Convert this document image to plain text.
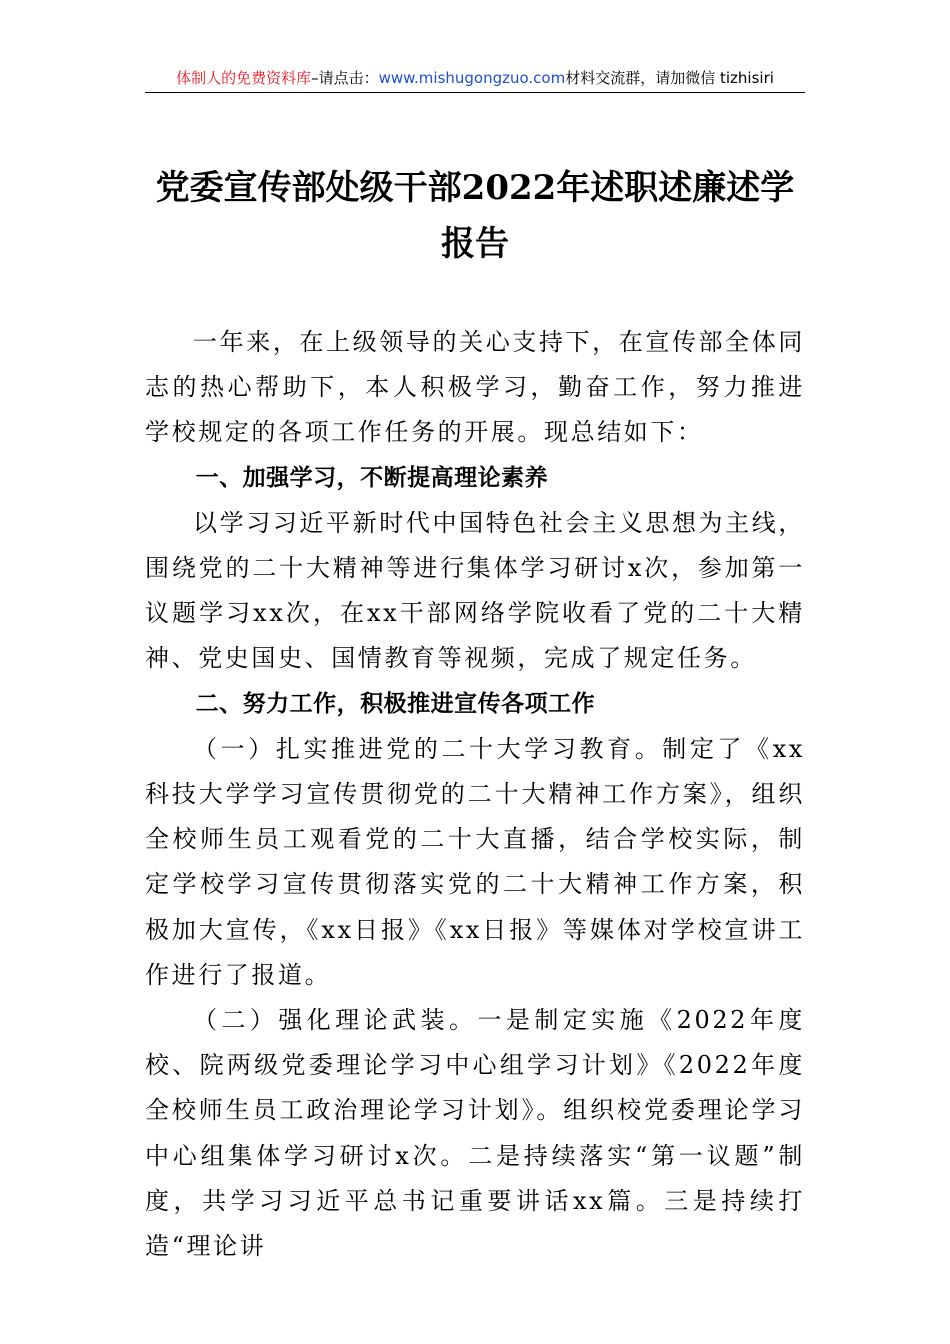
体制人的免费资料库–请点击：www.mishugongzuo.com材料交流群，请加微信 tizhisiri
党委宣传部处级干部2022年述职述廉述学报告

一年来，在上级领导的关心支持下，在宣传部全体同志的热心帮助下，本人积极学习，勤奋工作，努力推进学校规定的各项工作任务的开展。现总结如下：

一、加强学习，不断提高理论素养

以学习习近平新时代中国特色社会主义思想为主线，围绕党的二十大精神等进行集体学习研讨x次，参加第一议题学习xx次，在xx干部网络学院收看了党的二十大精神、党史国史、国情教育等视频，完成了规定任务。

二、努力工作，积极推进宣传各项工作

（一）扎实推进党的二十大学习教育。制定了《xx科技大学学习宣传贯彻党的二十大精神工作方案》，组织全校师生员工观看党的二十大直播，结合学校实际，制定学校学习宣传贯彻落实党的二十大精神工作方案，积极加大宣传，《xx日报》《xx日报》等媒体对学校宣讲工作进行了报道。

（二）强化理论武装。一是制定实施《2022年度校、院两级党委理论学习中心组学习计划》《2022年度全校师生员工政治理论学习计划》。组织校党委理论学习中心组集体学习研讨x次。二是持续落实“第一议题”制度，共学习习近平总书记重要讲话xx篇。三是持续打造“理论讲
